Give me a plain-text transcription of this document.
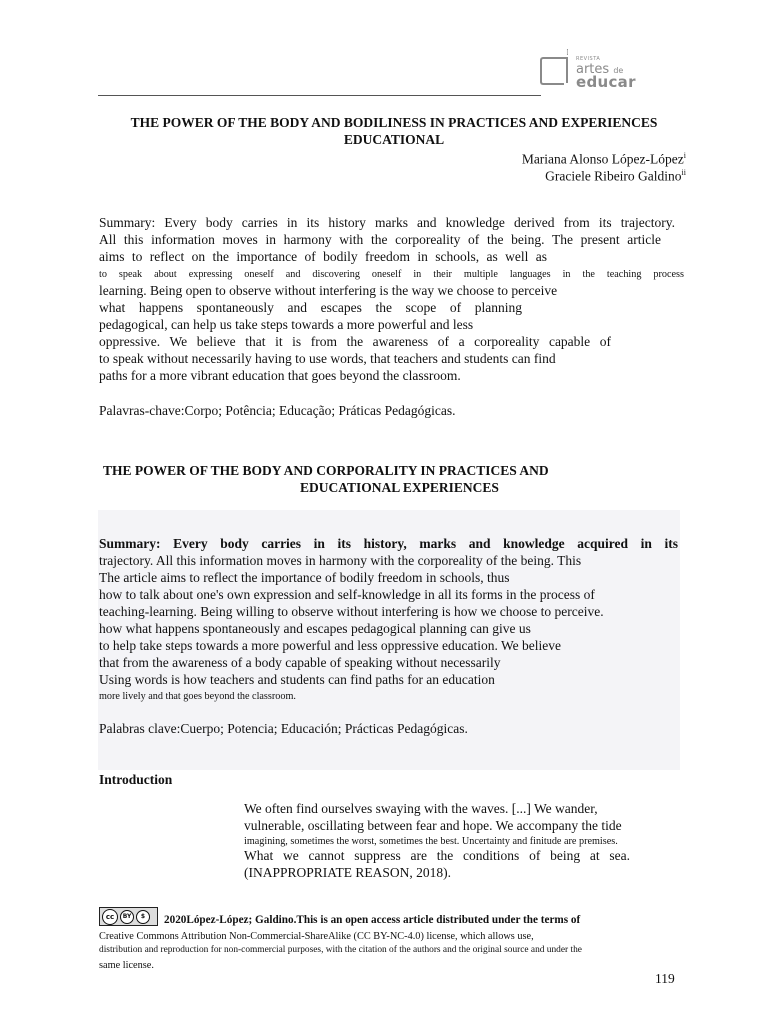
⁞
REVISTA
artes de
educar
THE POWER OF THE BODY AND BODILINESS IN PRACTICES AND EXPERIENCES
EDUCATIONAL
Mariana Alonso López-López$^i$
Graciele Ribeiro Galdino$^{ii}$
Summary: Every body carries in its history marks and knowledge derived from its trajectory.
All this information moves in harmony with the corporeality of the being. The present article
aims to reflect on the importance of bodily freedom in schools, as well as
to speak about expressing oneself and discovering oneself in their multiple languages in the teaching process
learning. Being open to observe without interfering is the way we choose to perceive
what happens spontaneously and escapes the scope of planning
pedagogical, can help us take steps towards a more powerful and less
oppressive. We believe that it is from the awareness of a corporeality capable of
to speak without necessarily having to use words, that teachers and students can find
paths for a more vibrant education that goes beyond the classroom.
Palavras-chave:Corpo; Potência; Educação; Práticas Pedagógicas.
THE POWER OF THE BODY AND CORPORALITY IN PRACTICES AND
EDUCATIONAL EXPERIENCES
Summary: Every body carries in its history, marks and knowledge acquired in its
trajectory. All this information moves in harmony with the corporeality of the being. This
The article aims to reflect the importance of bodily freedom in schools, thus
how to talk about one's own expression and self-knowledge in all its forms in the process of
teaching-learning. Being willing to observe without interfering is how we choose to perceive.
how what happens spontaneously and escapes pedagogical planning can give us
to help take steps towards a more powerful and less oppressive education. We believe
that from the awareness of a body capable of speaking without necessarily
Using words is how teachers and students can find paths for an education
more lively and that goes beyond the classroom.
Palabras clave:Cuerpo; Potencia; Educación; Prácticas Pedagógicas.
Introduction
We often find ourselves swaying with the waves. [...] We wander,
vulnerable, oscillating between fear and hope. We accompany the tide
imagining, sometimes the worst, sometimes the best. Uncertainty and finitude are premises.
What we cannot suppress are the conditions of being at sea.
(INAPPROPRIATE REASON, 2018).
cc	BY	$	2020López-López; Galdino.This is an open access article distributed under the terms of
Creative Commons Attribution Non-Commercial-ShareAlike (CC BY-NC-4.0) license, which allows use,
distribution and reproduction for non-commercial purposes, with the citation of the authors and the original source and under the
same license.
119
